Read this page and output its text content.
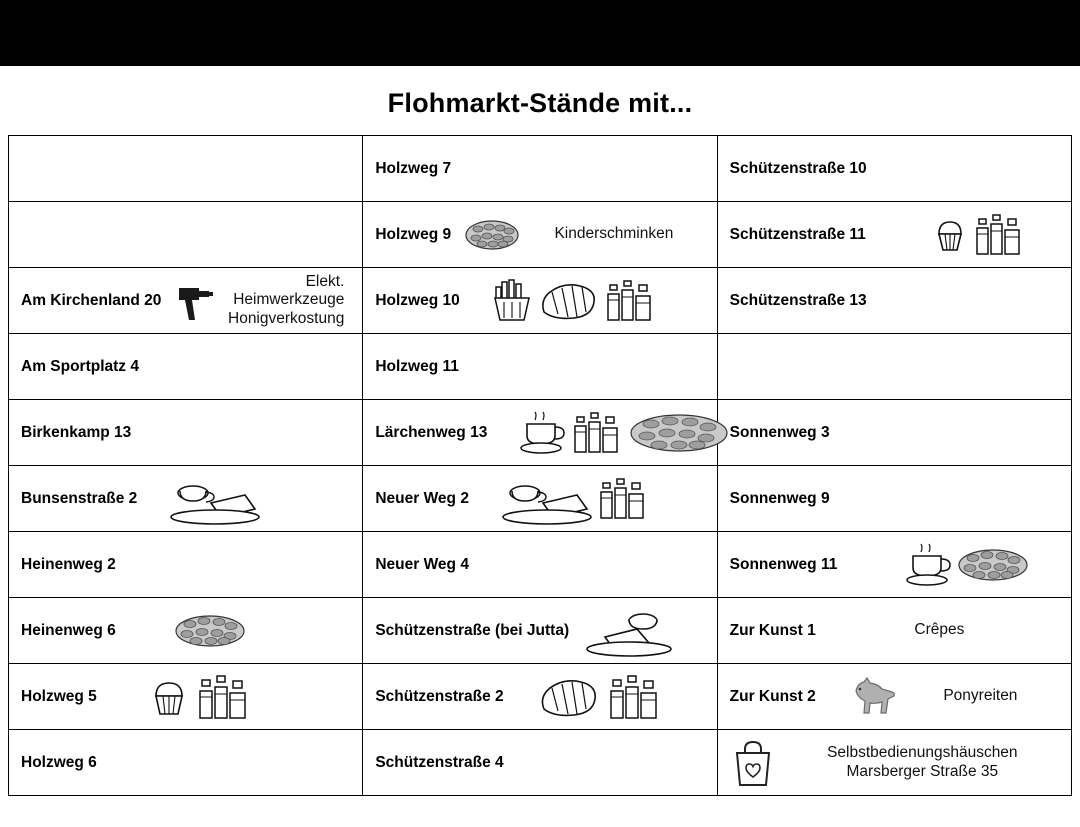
Flohmarkt-Stände mit...

	Holzweg 7	Schützenstraße 10

	Holzweg 9 Kinderschminken	Schützenstraße 11

Am Kirchenland 20
Elekt. Heimwerkzeuge
Honigverkostung	Holzweg 10	Schützenstraße 13

Am Sportplatz 4	Holzweg 11	

Birkenkamp 13	Lärchenweg 13	Sonnenweg 3

Bunsenstraße 2	Neuer Weg 2	Sonnenweg 9

Heinenweg 2	Neuer Weg 4	Sonnenweg 11

Heinenweg 6	Schützenstraße (bei Jutta)	Zur Kunst 1 Crêpes

Holzweg 5	Schützenstraße 2	Zur Kunst 2 Ponyreiten

Holzweg 6	Schützenstraße 4	Selbstbedienungshäuschen
Marsberger Straße 35
